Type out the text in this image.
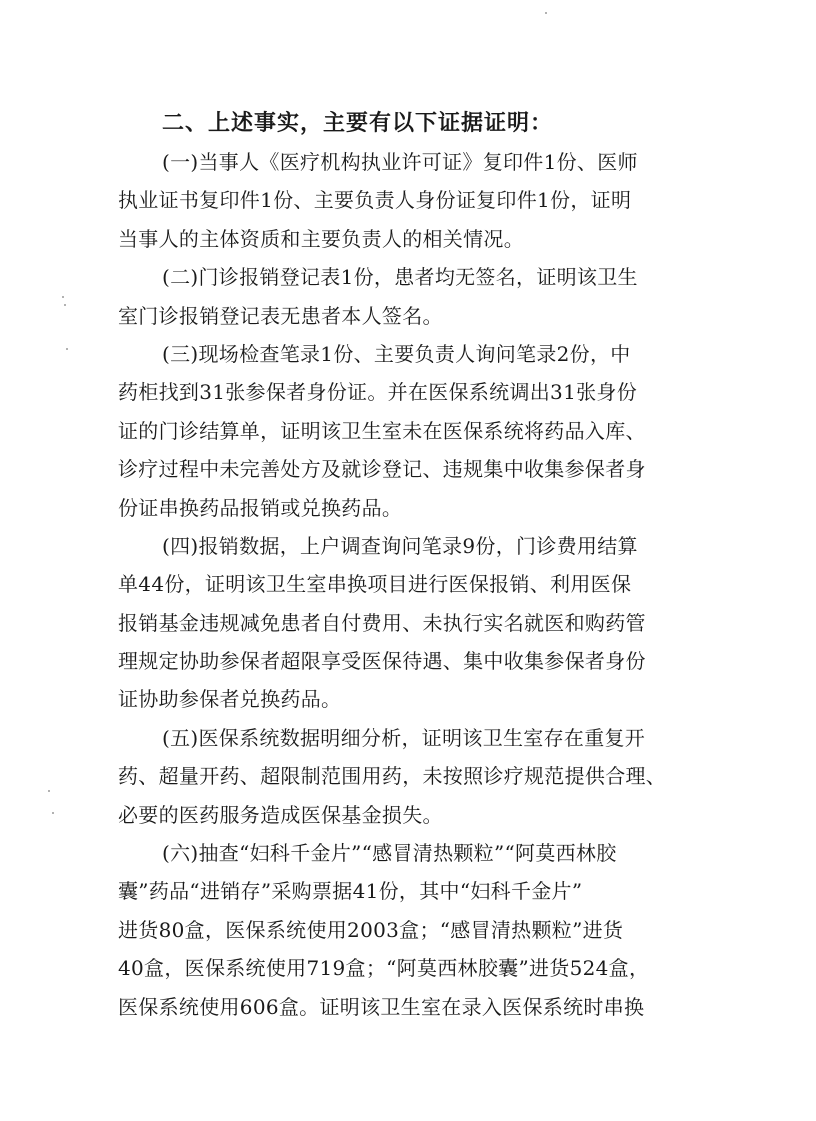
二、上述事实，主要有以下证据证明：
(一)当事人《医疗机构执业许可证》复印件1份、医师
执业证书复印件1份、主要负责人身份证复印件1份，证明
当事人的主体资质和主要负责人的相关情况。
(二)门诊报销登记表1份，患者均无签名，证明该卫生
室门诊报销登记表无患者本人签名。
(三)现场检查笔录1份、主要负责人询问笔录2份，中
药柜找到31张参保者身份证。并在医保系统调出31张身份
证的门诊结算单，证明该卫生室未在医保系统将药品入库、
诊疗过程中未完善处方及就诊登记、违规集中收集参保者身
份证串换药品报销或兑换药品。
(四)报销数据，上户调查询问笔录9份，门诊费用结算
单44份，证明该卫生室串换项目进行医保报销、利用医保
报销基金违规减免患者自付费用、未执行实名就医和购药管
理规定协助参保者超限享受医保待遇、集中收集参保者身份
证协助参保者兑换药品。
(五)医保系统数据明细分析，证明该卫生室存在重复开
药、超量开药、超限制范围用药，未按照诊疗规范提供合理、
必要的医药服务造成医保基金损失。
(六)抽查“妇科千金片”“感冒清热颗粒”“阿莫西林胶
囊”药品“进销存”采购票据41份，其中“妇科千金片”
进货80盒，医保系统使用2003盒；“感冒清热颗粒”进货
40盒，医保系统使用719盒；“阿莫西林胶囊”进货524盒，
医保系统使用606盒。证明该卫生室在录入医保系统时串换
